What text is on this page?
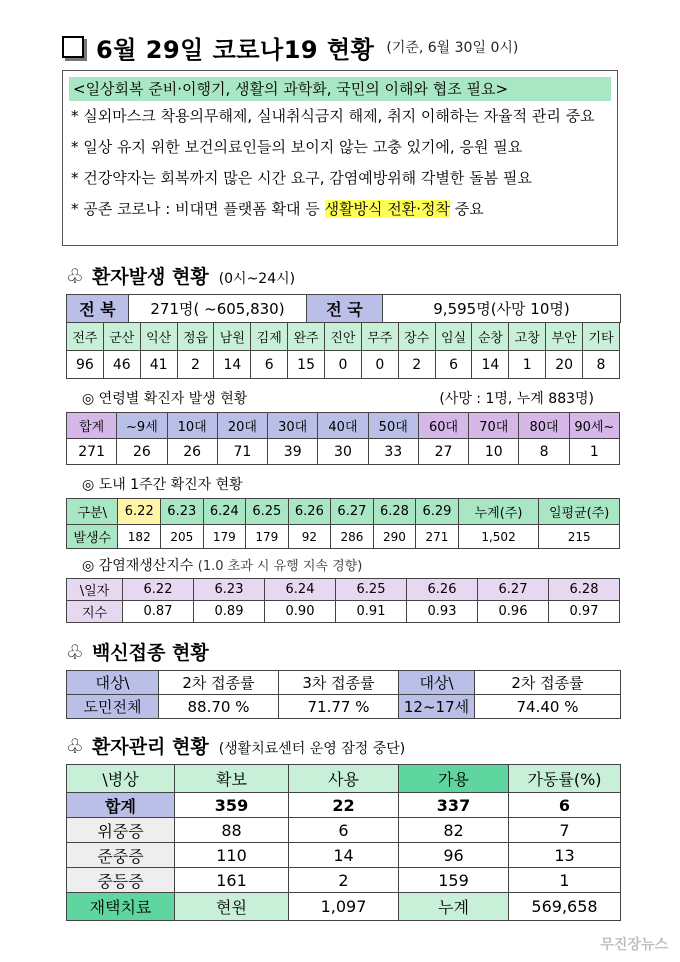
6월 29일 코로나19 현황 (기준, 6월 30일 0시)
<일상회복 준비·이행기, 생활의 과학화, 국민의 이해와 협조 필요>
* 실외마스크 착용의무해제, 실내취식금지 해제, 취지 이해하는 자율적 관리 중요
* 일상 유지 위한 보건의료인들의 보이지 않는 고충 있기에, 응원 필요
* 건강약자는 회복까지 많은 시간 요구, 감염예방위해 각별한 돌봄 필요
* 공존 코로나 : 비대면 플랫폼 확대 등 생활방식 전환·정착 중요
♧ 환자발생 현황 (0시~24시)
전 북	271명( ~605,830)	전 국	9,595명(사망 10명)
전주	군산	익산	정읍	남원	김제	완주	진안	무주	장수	임실	순창	고창	부안	기타
96	46	41	2	14	6	15	0	0	2	6	14	1	20	8
◎ 연령별 확진자 발생 현황	(사망 : 1명, 누계 883명)
합계	~9세	10대	20대	30대	40대	50대	60대	70대	80대	90세~
271	26	26	71	39	30	33	27	10	8	1
◎ 도내 1주간 확진자 현황
구분\	6.22	6.23	6.24	6.25	6.26	6.27	6.28	6.29	누계(주)	일평균(주)
발생수	182	205	179	179	92	286	290	271	1,502	215
◎ 감염재생산지수 (1.0 초과 시 유행 지속 경향)
\일자	6.22	6.23	6.24	6.25	6.26	6.27	6.28
지수	0.87	0.89	0.90	0.91	0.93	0.96	0.97
♧ 백신접종 현황
대상\	2차 접종률	3차 접종률	대상\	2차 접종률
도민전체	88.70 %	71.77 %	12~17세	74.40 %
♧ 환자관리 현황 (생활치료센터 운영 잠정 중단)
\병상	확보	사용	가용	가동률(%)
합계	359	22	337	6
위중증	88	6	82	7
준중증	110	14	96	13
중등증	161	2	159	1
재택치료	현원	1,097	누계	569,658
무진장뉴스
